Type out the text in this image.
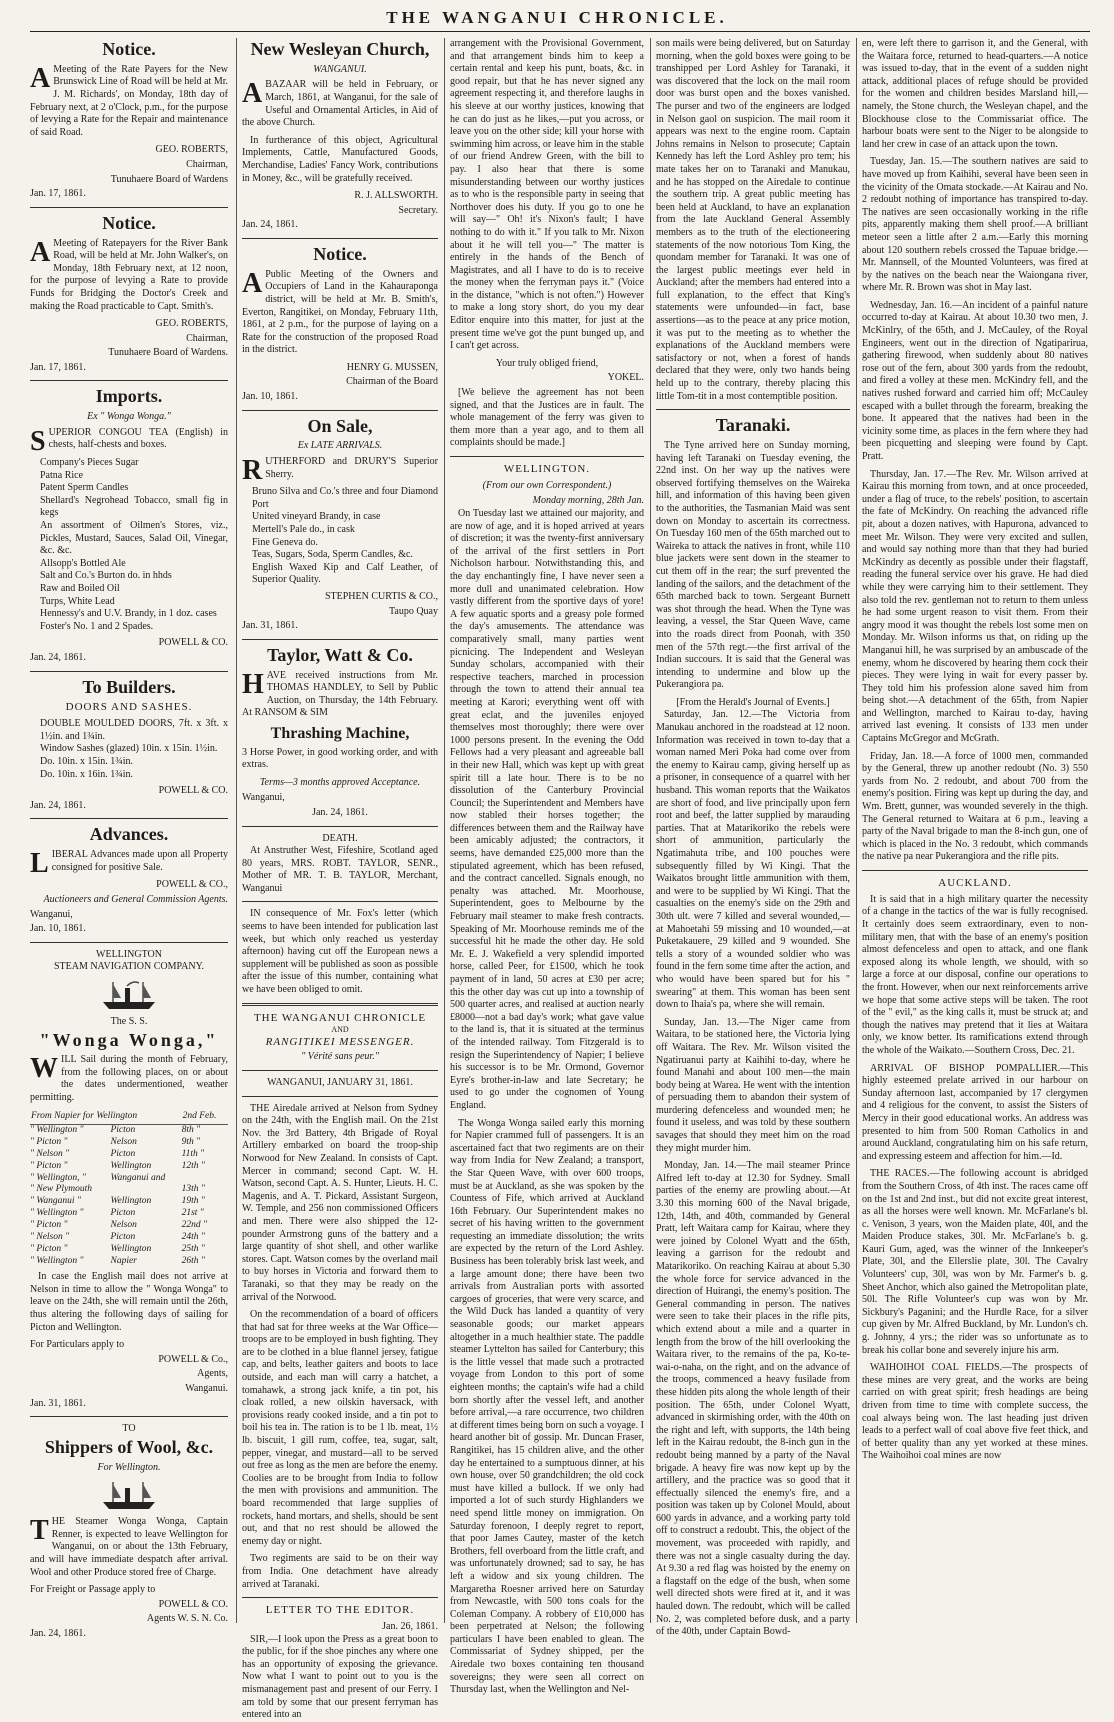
THE WANGANUI CHRONICLE.
Notice.

AMeeting of the Rate Payers for the New Brunswick Line of Road will be held at Mr. J. M. Richards', on Monday, 18th day of February next, at 2 o'Clock, p.m., for the purpose of levying a Rate for the Repair and maintenance of said Road.

GEO. ROBERTS,
Chairman,
Tunuhaere Board of Wardens
Jan. 17, 1861.
Notice.

AMeeting of Ratepayers for the River Bank Road, will be held at Mr. John Walker's, on Monday, 18th February next, at 12 noon, for the purpose of levying a Rate to provide Funds for Bridging the Doctor's Creek and making the Road practicable to Capt. Smith's.

GEO. ROBERTS,
Chairman,
Tunuhaere Board of Wardens.
Jan. 17, 1861.
Imports.
Ex " Wonga Wonga."

SUPERIOR CONGOU TEA (English) in chests, half-chests and boxes.

Company's Pieces Sugar
Patna Rice
Patent Sperm Candles
Shellard's Negrohead Tobacco, small fig in kegs
An assortment of Oilmen's Stores, viz., Pickles, Mustard, Sauces, Salad Oil, Vinegar, &c. &c.
Allsopp's Bottled Ale
Salt and Co.'s Burton do. in hhds
Raw and Boiled Oil
Turps, White Lead
Hennessy's and U.V. Brandy, in 1 doz. cases
Foster's No. 1 and 2 Spades.
POWELL & CO.
Jan. 24, 1861.
To Builders.
DOORS AND SASHES.
DOUBLE MOULDED DOORS, 7ft. x 3ft. x 1½in. and 1¾in.
Window Sashes (glazed) 10in. x 15in. 1½in.
Do. 10in. x 15in. 1¾in.
Do. 10in. x 16in. 1¾in.
POWELL & CO.
Jan. 24, 1861.
Advances.

LIBERAL Advances made upon all Property consigned for positive Sale.

POWELL & CO.,
Auctioneers and General Commission Agents.
Wanganui,
Jan. 10, 1861.
WELLINGTON
STEAM NAVIGATION COMPANY.
The S. S.
"Wonga Wonga,"

WILL Sail during the month of February, from the following places, on or about the dates undermentioned, weather permitting.

From Napier for Wellington		2nd Feb.
" Wellington "	Picton	8th "
" Picton "	Nelson	9th "
" Nelson "	Picton	11th "
" Picton "	Wellington	12th "
" Wellington, "	Wanganui and	
" New Plymouth		13th "
" Wanganui "	Wellington	19th "
" Wellington "	Picton	21st "
" Picton "	Nelson	22nd "
" Nelson "	Picton	24th "
" Picton "	Wellington	25th "
" Wellington "	Napier	26th "

In case the English mail does not arrive at Nelson in time to allow the " Wonga Wonga" to leave on the 24th, she will remain until the 26th, thus altering the following days of sailing for Picton and Wellington.

For Particulars apply to
POWELL & Co.,
Agents,
Wanganui.
Jan. 31, 1861.
TO
Shippers of Wool, &c.
For Wellington.

THE Steamer Wonga Wonga, Captain Renner, is expected to leave Wellington for Wanganui, on or about the 13th February, and will have immediate despatch after arrival. Wool and other Produce stored free of Charge.

For Freight or Passage apply to
POWELL & CO.
Agents W. S. N. Co.
Jan. 24, 1861.
New Wesleyan Church,
WANGANUI.

ABAZAAR will be held in February, or March, 1861, at Wanganui, for the sale of Useful and Ornamental Articles, in Aid of the above Church.

In furtherance of this object, Agricultural Implements, Cattle, Manufactured Goods, Merchandise, Ladies' Fancy Work, contributions in Money, &c., will be gratefully received.

R. J. ALLSWORTH.
Secretary.
Jan. 24, 1861.
Notice.

APublic Meeting of the Owners and Occupiers of Land in the Kahauraponga district, will be held at Mr. B. Smith's, Everton, Rangitikei, on Monday, February 11th, 1861, at 2 p.m., for the purpose of laying on a Rate for the construction of the proposed Road in the district.

HENRY G. MUSSEN,
Chairman of the Board
Jan. 10, 1861.
On Sale,
Ex LATE ARRIVALS.

RUTHERFORD and DRURY'S Superior Sherry.

Bruno Silva and Co.'s three and four Diamond Port
United vineyard Brandy, in case
Mertell's Pale do., in cask
Fine Geneva do.
Teas, Sugars, Soda, Sperm Candles, &c.
English Waxed Kip and Calf Leather, of Superior Quality.
STEPHEN CURTIS & CO.,
Taupo Quay
Jan. 31, 1861.
Taylor, Watt & Co.

HAVE received instructions from Mr. THOMAS HANDLEY, to Sell by Public Auction, on Thursday, the 14th February. At RANSOM & SIM

Thrashing Machine,

3 Horse Power, in good working order, and with extras.

Terms—3 months approved Acceptance.
Wanganui,
Jan. 24, 1861.
DEATH.

At Anstruther West, Fifeshire, Scotland aged 80 years, MRS. ROBT. TAYLOR, SENR., Mother of MR. T. B. TAYLOR, Merchant, Wanganui

IN consequence of Mr. Fox's letter (which seems to have been intended for publication last week, but which only reached us yesterday afternoon) having cut off the European news a supplement will be published as soon as possible after the issue of this number, containing what we have been obliged to omit.

THE WANGANUI CHRONICLE
AND
RANGITIKEI MESSENGER.
" Vérité sans peur."
WANGANUI, JANUARY 31, 1861.

THE Airedale arrived at Nelson from Sydney on the 24th, with the English mail. On the 21st Nov. the 3rd Battery, 4th Brigade of Royal Artillery embarked on board the troop-ship Norwood for New Zealand. In consists of Capt. Mercer in command; second Capt. W. H. Watson, second Capt. A. S. Hunter, Lieuts. H. C. Magenis, and A. T. Pickard, Assistant Surgeon, W. Temple, and 256 non commissioned Officers and men. There were also shipped the 12-pounder Armstrong guns of the battery and a large quantity of shot shell, and other warlike stores. Capt. Watson comes by the overland mail to buy horses in Victoria and forward them to Taranaki, so that they may be ready on the arrival of the Norwood.

On the recommendation of a board of officers that had sat for three weeks at the War Office—troops are to be employed in bush fighting. They are to be clothed in a blue flannel jersey, fatigue cap, and belts, leather gaiters and boots to lace outside, and each man will carry a hatchet, a tomahawk, a strong jack knife, a tin pot, his cloak rolled, a new oilskin haversack, with provisions ready cooked inside, and a tin pot to boil his tea in. The ration is to be 1 lb. meat, 1½ lb. biscuit, 1 gill rum, coffee, tea, sugar, salt, pepper, vinegar, and mustard—all to be served out free as long as the men are before the enemy. Coolies are to be brought from India to follow the men with provisions and ammunition. The board recommended that large supplies of rockets, hand mortars, and shells, should be sent out, and that no rest should be allowed the enemy day or night.

Two regiments are said to be on their way from India. One detachment have already arrived at Taranaki.

LETTER TO THE EDITOR.
Jan. 26, 1861.

SIR,—I look upon the Press as a great boon to the public, for if the shoe pinches any where one has an opportunity of exposing the grievance. Now what I want to point out to you is the mismanagement past and present of our Ferry. I am told by some that our present ferryman has entered into an

arrangement with the Provisional Government, and that arrangement binds him to keep a certain rental and keep his punt, boats, &c. in good repair, but that he has never signed any agreement respecting it, and therefore laughs in his sleeve at our worthy justices, knowing that he can do just as he likes,—put you across, or leave you on the other side; kill your horse with swimming him across, or leave him in the stable of our friend Andrew Green, with the bill to pay. I also hear that there is some misunderstanding between our worthy justices as to who is the responsible party in seeing that Northover does his duty. If you go to one he will say—" Oh! it's Nixon's fault; I have nothing to do with it." If you talk to Mr. Nixon about it he will tell you—" The matter is entirely in the hands of the Bench of Magistrates, and all I have to do is to receive the money when the ferryman pays it." (Voice in the distance, "which is not often.") However to make a long story short, do you my dear Editor enquire into this matter, for just at the present time we've got the punt bunged up, and I can't get across.

Your truly obliged friend,
YOKEL.

[We believe the agreement has not been signed, and that the Justices are in fault. The whole management of the ferry was given to them more than a year ago, and to them all complaints should be made.]

WELLINGTON.
(From our own Correspondent.)
Monday morning, 28th Jan.

On Tuesday last we attained our majority, and are now of age, and it is hoped arrived at years of discretion; it was the twenty-first anniversary of the arrival of the first settlers in Port Nicholson harbour. Notwithstanding this, and the day enchantingly fine, I have never seen a more dull and unanimated celebration. How vastly different from the sportive days of yore! A few aquatic sports and a greasy pole formed the day's amusements. The attendance was comparatively small, many parties went picnicing. The Independent and Wesleyan Sunday scholars, accompanied with their respective teachers, marched in procession through the town to attend their annual tea meeting at Karori; everything went off with great eclat, and the juveniles enjoyed themselves most thoroughly; there were over 1000 persons present. In the evening the Odd Fellows had a very pleasant and agreeable ball in their new Hall, which was kept up with great spirit till a late hour. There is to be no dissolution of the Canterbury Provincial Council; the Superintendent and Members have now stabled their horses together; the differences between them and the Railway have been amicably adjusted; the contractors, it seems, have demanded £25,000 more than the stipulated agreement, which has been refused, and the contract cancelled. Signals enough, no penalty was attached. Mr. Moorhouse, Superintendent, goes to Melbourne by the February mail steamer to make fresh contracts. Speaking of Mr. Moorhouse reminds me of the successful hit he made the other day. He sold Mr. E. J. Wakefield a very splendid imported horse, called Peer, for £1500, which he took payment of in land, 50 acres at £30 per acre; this the other day was cut up into a township of 500 quarter acres, and realised at auction nearly £8000—not a bad day's work; what gave value to the land is, that it is situated at the terminus of the intended railway. Tom Fitzgerald is to resign the Superintendency of Napier; I believe his successor is to be Mr. Ormond, Governor Eyre's brother-in-law and late Secretary; he used to go under the cognomen of Young England.

The Wonga Wonga sailed early this morning for Napier crammed full of passengers. It is an ascertained fact that two regiments are on their way from India for New Zealand; a transport, the Star Queen Wave, with over 600 troops, must be at Auckland, as she was spoken by the Countess of Fife, which arrived at Auckland 16th February. Our Superintendent makes no secret of his having written to the government requesting an immediate dissolution; the writs are expected by the return of the Lord Ashley. Business has been tolerably brisk last week, and a large amount done; there have been two arrivals from Australian ports with assorted cargoes of groceries, that were very scarce, and the Wild Duck has landed a quantity of very seasonable goods; our market appears altogether in a much healthier state. The paddle steamer Lyttelton has sailed for Canterbury; this is the little vessel that made such a protracted voyage from London to this port of some eighteen months; the captain's wife had a child born shortly after the vessel left, and another before arrival,—a rare occurrence, two children at different times being born on such a voyage. I heard another bit of gossip. Mr. Duncan Fraser, Rangitikei, has 15 children alive, and the other day he entertained to a sumptuous dinner, at his own house, over 50 grandchildren; the old cock must have killed a bullock. If we only had imported a lot of such sturdy Highlanders we need spend little money on immigration. On Saturday forenoon, I deeply regret to report, that poor James Cautey, master of the ketch Brothers, fell overboard from the little craft, and was unfortunately drowned; sad to say, he has left a widow and six young children. The Margaretha Roesner arrived here on Saturday from Newcastle, with 500 tons coals for the Coleman Company. A robbery of £10,000 has been perpetrated at Nelson; the following particulars I have been enabled to glean. The Commissariat of Sydney shipped, per the Airedale two boxes containing ten thousand sovereigns; they were seen all correct on Thursday last, when the Wellington and Nel-

son mails were being delivered, but on Saturday morning, when the gold boxes were going to be transhipped per Lord Ashley for Taranaki, it was discovered that the lock on the mail room door was burst open and the boxes vanished. The purser and two of the engineers are lodged in Nelson gaol on suspicion. The mail room it appears was next to the engine room. Captain Johns remains in Nelson to prosecute; Captain Kennedy has left the Lord Ashley pro tem; his mate takes her on to Taranaki and Manukau, and he has stopped on the Airedale to continue the southern trip. A great public meeting has been held at Auckland, to have an explanation from the late Auckland General Assembly members as to the truth of the electioneering statements of the now notorious Tom King, the quondam member for Taranaki. It was one of the largest public meetings ever held in Auckland; after the members had entered into a full explanation, to the effect that King's statements were unfounded—in fact, base assertions—as to the peace at any price motion, it was put to the meeting as to whether the explanations of the Auckland members were satisfactory or not, when a forest of hands declared that they were, only two hands being held up to the contrary, thereby placing this little Tom-tit in a most contemptible position.

Taranaki.

The Tyne arrived here on Sunday morning, having left Taranaki on Tuesday evening, the 22nd inst. On her way up the natives were observed fortifying themselves on the Waireka hill, and information of this having been given to the authorities, the Tasmanian Maid was sent down on Monday to ascertain its correctness. On Tuesday 160 men of the 65th marched out to Waireka to attack the natives in front, while 110 blue jackets were sent down in the steamer to cut them off in the rear; the surf prevented the landing of the sailors, and the detachment of the 65th marched back to town. Sergeant Burnett was shot through the head. When the Tyne was leaving, a vessel, the Star Queen Wave, came into the roads direct from Poonah, with 350 men of the 57th regt.—the first arrival of the Indian succours. It is said that the General was intending to undermine and blow up the Pukerangiora pa.

[From the Herald's Journal of Events.]

Saturday, Jan. 12.—The Victoria from Manukau anchored in the roadstead at 12 noon. Information was received in town to-day that a woman named Meri Poka had come over from the enemy to Kairau camp, giving herself up as a prisoner, in consequence of a quarrel with her husband. This woman reports that the Waikatos are short of food, and live principally upon fern root and beef, the latter supplied by marauding parties. That at Matarikoriko the rebels were short of ammunition, particularly the Ngatimahuta tribe, and 100 pouches were subsequently filled by Wi Kingi. That the Waikatos brought little ammunition with them, and were to be supplied by Wi Kingi. That the casualties on the enemy's side on the 29th and 30th ult. were 7 killed and several wounded,—at Mahoetahi 59 missing and 10 wounded,—at Puketakauere, 29 killed and 9 wounded. She tells a story of a wounded soldier who was found in the fern some time after the action, and who would have been spared but for his " swearing" at them. This woman has been sent down to Ihaia's pa, where she will remain.

Sunday, Jan. 13.—The Niger came from Waitara, to be stationed here, the Victoria lying off Waitara. The Rev. Mr. Wilson visited the Ngatiruanui party at Kaihihi to-day, where he found Manahi and about 100 men—the main body being at Warea. He went with the intention of persuading them to abandon their system of murdering defenceless and wounded men; he found it useless, and was told by these southern savages that should they meet him on the road they might murder him.

Monday, Jan. 14.—The mail steamer Prince Alfred left to-day at 12.30 for Sydney. Small parties of the enemy are prowling about.—At 3.30 this morning 600 of the Naval brigade, 12th, 14th, and 40th, commanded by General Pratt, left Waitara camp for Kairau, where they were joined by Colonel Wyatt and the 65th, leaving a garrison for the redoubt and Matarikoriko. On reaching Kairau at about 5.30 the whole force for service advanced in the direction of Huirangi, the enemy's position. The General commanding in person. The natives were seen to take their places in the rifle pits, which extend about a mile and a quarter in length from the brow of the hill overlooking the Waitara river, to the remains of the pa, Ko-te-wai-o-naha, on the right, and on the advance of the troops, commenced a heavy fusilade from these hidden pits along the whole length of their position. The 65th, under Colonel Wyatt, advanced in skirmishing order, with the 40th on the right and left, with supports, the 14th being left in the Kairau redoubt, the 8-inch gun in the redoubt being manned by a party of the Naval brigade. A heavy fire was now kept up by the artillery, and the practice was so good that it effectually silenced the enemy's fire, and a position was taken up by Colonel Mould, about 600 yards in advance, and a working party told off to construct a redoubt. This, the object of the movement, was proceeded with rapidly, and there was not a single casualty during the day. At 9.30 a red flag was hoisted by the enemy on a flagstaff on the edge of the bush, when some well directed shots were fired at it, and it was hauled down. The redoubt, which will be called No. 2, was completed before dusk, and a party of the 40th, under Captain Bowd-

en, were left there to garrison it, and the General, with the Waitara force, returned to head-quarters.—A notice was issued to-day, that in the event of a sudden night attack, additional places of refuge should be provided for the women and children besides Marsland hill,—namely, the Stone church, the Wesleyan chapel, and the Blockhouse close to the Commissariat office. The harbour boats were sent to the Niger to be alongside to land her crew in case of an attack upon the town.

Tuesday, Jan. 15.—The southern natives are said to have moved up from Kaihihi, several have been seen in the vicinity of the Omata stockade.—At Kairau and No. 2 redoubt nothing of importance has transpired to-day. The natives are seen occasionally working in the rifle pits, apparently making them shell proof.—A brilliant meteor seen a little after 2 a.m.—Early this morning about 120 southern rebels crossed the Tapuae bridge.—Mr. Mannsell, of the Mounted Volunteers, was fired at by the natives on the beach near the Waiongana river, where Mr. R. Brown was shot in May last.

Wednesday, Jan. 16.—An incident of a painful nature occurred to-day at Kairau. At about 10.30 two men, J. McKinlry, of the 65th, and J. McCauley, of the Royal Engineers, went out in the direction of Ngatiparirua, gathering firewood, when suddenly about 80 natives rose out of the fern, about 300 yards from the redoubt, and fired a volley at these men. McKindry fell, and the natives rushed forward and carried him off; McCauley escaped with a bullet through the forearm, breaking the bone. It appeared that the natives had been in the vicinity some time, as places in the fern where they had been picquetting and sleeping were found by Capt. Pratt.

Thursday, Jan. 17.—The Rev. Mr. Wilson arrived at Kairau this morning from town, and at once proceeded, under a flag of truce, to the rebels' position, to ascertain the fate of McKindry. On reaching the advanced rifle pit, about a dozen natives, with Hapurona, advanced to meet Mr. Wilson. They were very excited and sullen, and would say nothing more than that they had buried McKindry as decently as possible under their flagstaff, reading the funeral service over his grave. He had died while they were carrying him to their settlement. They also told the rev. gentleman not to return to them unless he had some urgent reason to visit them. From their angry mood it was thought the rebels lost some men on Monday. Mr. Wilson informs us that, on riding up the Manganui hill, he was surprised by an ambuscade of the enemy, whom he discovered by hearing them cock their pieces. They were lying in wait for every passer by. They told him his profession alone saved him from being shot.—A detachment of the 65th, from Napier and Wellington, marched to Kairau to-day, having arrived last evening. It consists of 133 men under Captains McGregor and McGrath.

Friday, Jan. 18.—A force of 1000 men, commanded by the General, threw up another redoubt (No. 3) 550 yards from No. 2 redoubt, and about 700 from the enemy's position. Firing was kept up during the day, and Wm. Brett, gunner, was wounded severely in the thigh. The General returned to Waitara at 6 p.m., leaving a party of the Naval brigade to man the 8-inch gun, one of which is placed in the No. 3 redoubt, which commands the native pa near Pukerangiora and the rifle pits.

AUCKLAND.

It is said that in a high military quarter the necessity of a change in the tactics of the war is fully recognised. It certainly does seem extraordinary, even to non-military men, that with the base of an enemy's position almost defenceless and open to attack, and one flank exposed along its whole length, we should, with so large a force at our disposal, confine our operations to the front. However, when our next reinforcements arrive we hope that some active steps will be taken. The root of the " evil," as the king calls it, must be struck at; and though the natives may pretend that it lies at Waitara only, we know better. Its ramifications extend through the whole of the Waikato.—Southern Cross, Dec. 21.

ARRIVAL OF BISHOP POMPALLIER.—This highly esteemed prelate arrived in our harbour on Sunday afternoon last, accompanied by 17 clergymen and 4 religious for the convent, to assist the Sisters of Mercy in their good educational works. An address was presented to him from 500 Roman Catholics in and around Auckland, congratulating him on his safe return, and expressing esteem and affection for him.—Id.

THE RACES.—The following account is abridged from the Southern Cross, of 4th inst. The races came off on the 1st and 2nd inst., but did not excite great interest, as all the horses were well known. Mr. McFarlane's bl. c. Venison, 3 years, won the Maiden plate, 40l, and the Maiden Produce stakes, 30l. Mr. McFarlane's b. g. Kauri Gum, aged, was the winner of the Innkeeper's Plate, 30l, and the Ellerslie plate, 30l. The Cavalry Volunteers' cup, 30l, was won by Mr. Farmer's b. g. Sheet Anchor, which also gained the Metropolitan plate, 50l. The Rifle Volunteer's cup was won by Mr. Sickbury's Paganini; and the Hurdle Race, for a silver cup given by Mr. Alfred Buckland, by Mr. Lundon's ch. g. Johnny, 4 yrs.; the rider was so unfortunate as to break his collar bone and severely injure his arm.

WAIHOIHOI COAL FIELDS.—The prospects of these mines are very great, and the works are being carried on with great spirit; fresh headings are being driven from time to time with complete success, the coal always being won. The last heading just driven leads to a perfect wall of coal above five feet thick, and of better quality than any yet worked at these mines. The Waihoihoi coal mines are now
